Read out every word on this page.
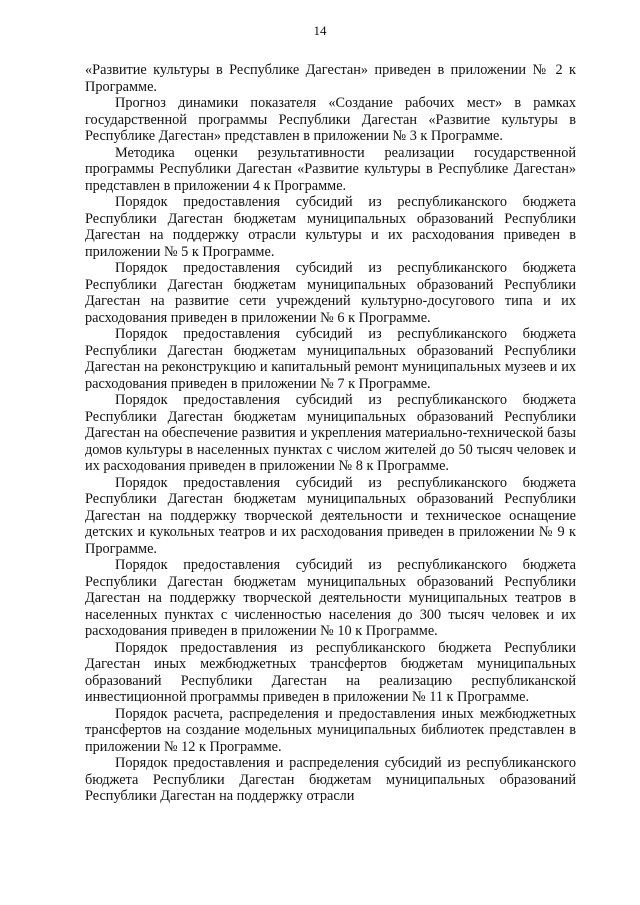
14

«Развитие культуры в Республике Дагестан» приведен в приложении № 2 к Программе.

Прогноз динамики показателя «Создание рабочих мест» в рамках государственной программы Республики Дагестан «Развитие культуры в Республике Дагестан» представлен в приложении № 3 к Программе.

Методика оценки результативности реализации государственной программы Республики Дагестан «Развитие культуры в Республике Дагестан» представлен в приложении 4 к Программе.

Порядок предоставления субсидий из республиканского бюджета Республики Дагестан бюджетам муниципальных образований Республики Дагестан на поддержку отрасли культуры и их расходования приведен в приложении № 5 к Программе.

Порядок предоставления субсидий из республиканского бюджета Республики Дагестан бюджетам муниципальных образований Республики Дагестан на развитие сети учреждений культурно-досугового типа и их расходования приведен в приложении № 6 к Программе.

Порядок предоставления субсидий из республиканского бюджета Республики Дагестан бюджетам муниципальных образований Республики Дагестан на реконструкцию и капитальный ремонт муниципальных музеев и их расходования приведен в приложении № 7 к Программе.

Порядок предоставления субсидий из республиканского бюджета Республики Дагестан бюджетам муниципальных образований Республики Дагестан на обеспечение развития и укрепления материально-технической базы домов культуры в населенных пунктах с числом жителей до 50 тысяч человек и их расходования приведен в приложении № 8 к Программе.

Порядок предоставления субсидий из республиканского бюджета Республики Дагестан бюджетам муниципальных образований Республики Дагестан на поддержку творческой деятельности и техническое оснащение детских и кукольных театров и их расходования приведен в приложении № 9 к Программе.

Порядок предоставления субсидий из республиканского бюджета Республики Дагестан бюджетам муниципальных образований Республики Дагестан на поддержку творческой деятельности муниципальных театров в населенных пунктах с численностью населения до 300 тысяч человек и их расходования приведен в приложении № 10 к Программе.

Порядок предоставления из республиканского бюджета Республики Дагестан иных межбюджетных трансфертов бюджетам муниципальных образований Республики Дагестан на реализацию республиканской инвестиционной программы приведен в приложении № 11 к Программе.

Порядок расчета, распределения и предоставления иных межбюджетных трансфертов на создание модельных муниципальных библиотек представлен в приложении № 12 к Программе.

Порядок предоставления и распределения субсидий из республиканского бюджета Республики Дагестан бюджетам муниципальных образований Республики Дагестан на поддержку отрасли
